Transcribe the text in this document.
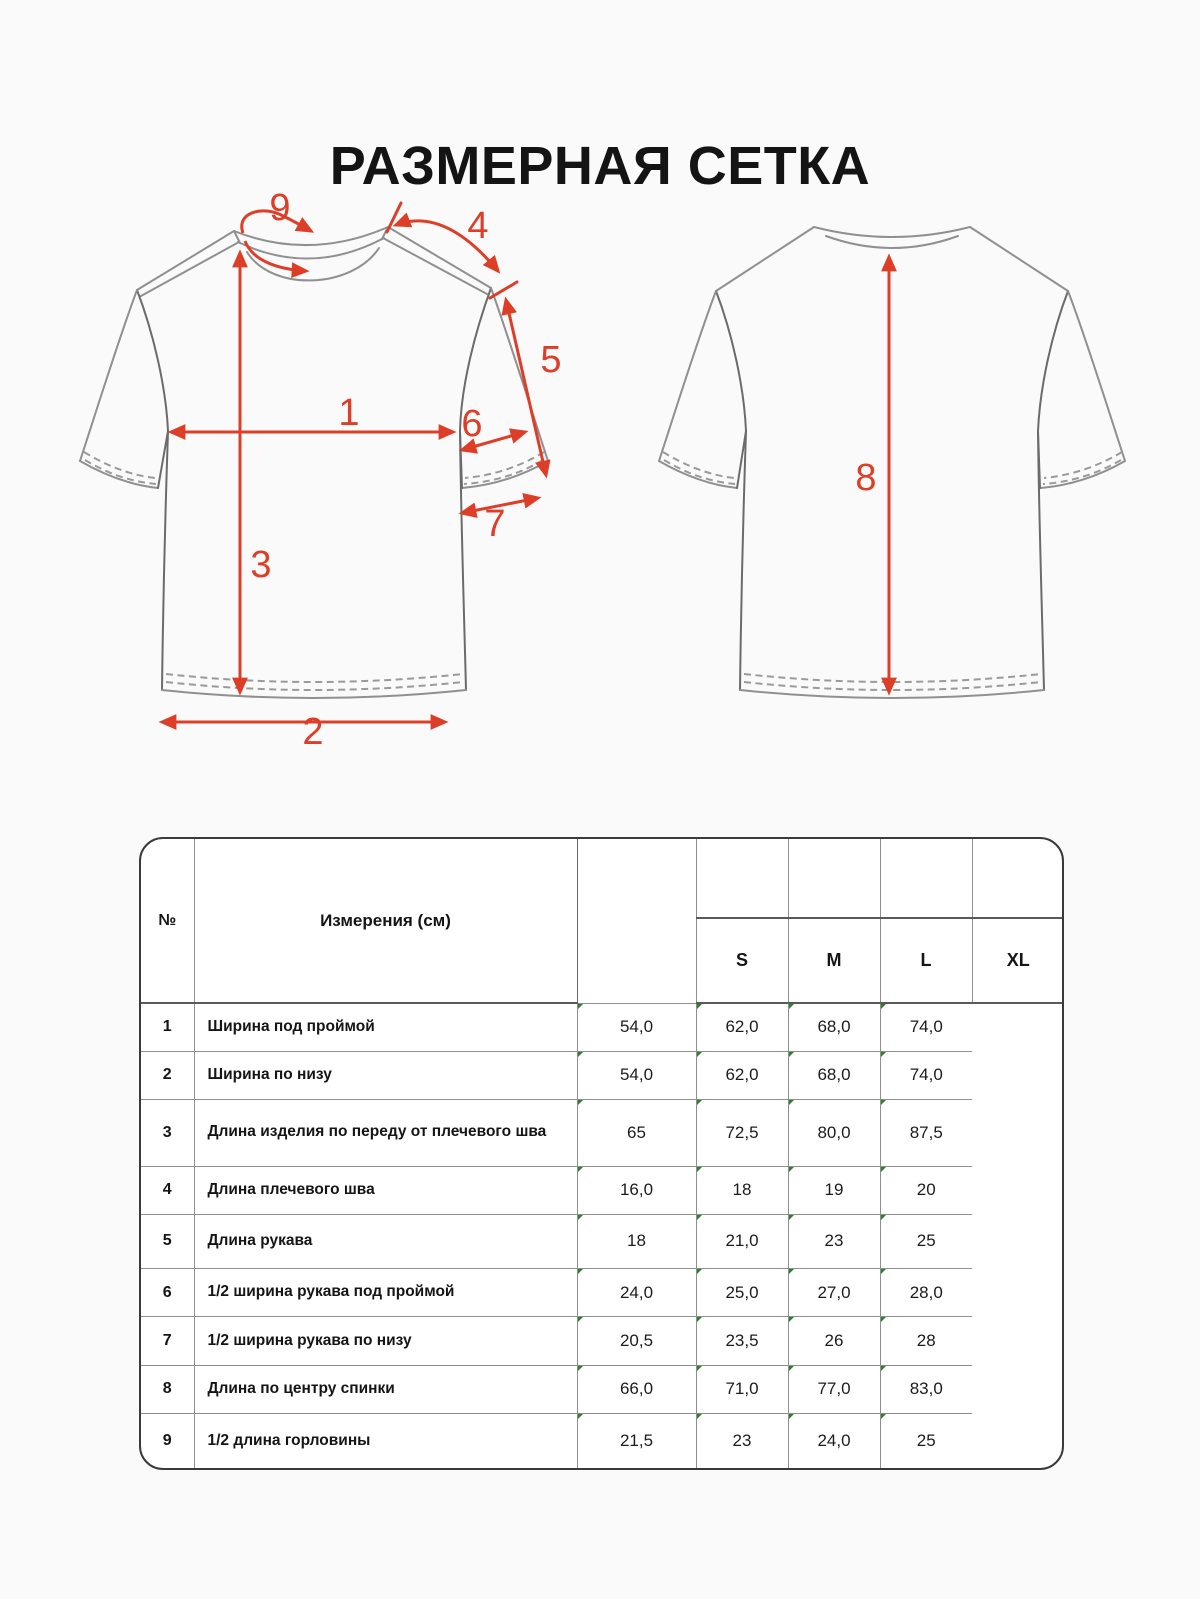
РАЗМЕРНАЯ СЕТКА
1
2
3
4
5
6
7
8
9
№	Измерения (см)					
			S	M	L	XL
1	Ширина под проймой	54,0	62,0	68,0	74,0	
2	Ширина по низу	54,0	62,0	68,0	74,0	
3	Длина изделия по переду от плечевого шва	65	72,5	80,0	87,5	
4	Длина плечевого шва	16,0	18	19	20	
5	Длина рукава	18	21,0	23	25	
6	1/2 ширина рукава под проймой	24,0	25,0	27,0	28,0	
7	1/2 ширина рукава по низу	20,5	23,5	26	28	
8	Длина по центру спинки	66,0	71,0	77,0	83,0	
9	1/2 длина горловины	21,5	23	24,0	25	
